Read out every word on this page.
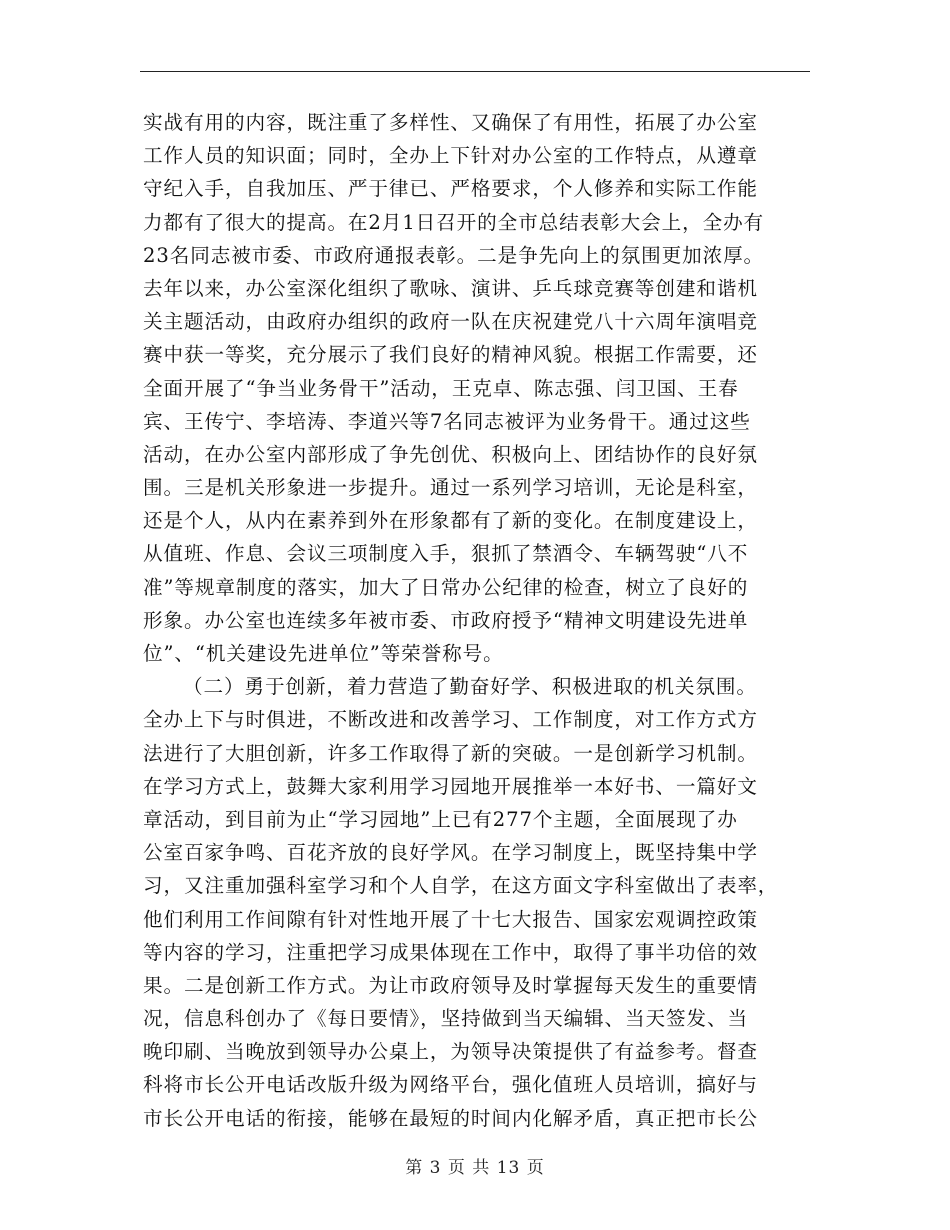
实战有用的内容，既注重了多样性、又确保了有用性，拓展了办公室
工作人员的知识面；同时，全办上下针对办公室的工作特点，从遵章
守纪入手，自我加压、严于律已、严格要求，个人修养和实际工作能
力都有了很大的提高。在2月1日召开的全市总结表彰大会上，全办有
23名同志被市委、市政府通报表彰。二是争先向上的氛围更加浓厚。
去年以来，办公室深化组织了歌咏、演讲、乒乓球竞赛等创建和谐机
关主题活动，由政府办组织的政府一队在庆祝建党八十六周年演唱竞
赛中获一等奖，充分展示了我们良好的精神风貌。根据工作需要，还
全面开展了“争当业务骨干”活动，王克卓、陈志强、闫卫国、王春
宾、王传宁、李培涛、李道兴等7名同志被评为业务骨干。通过这些
活动，在办公室内部形成了争先创优、积极向上、团结协作的良好氛
围。三是机关形象进一步提升。通过一系列学习培训，无论是科室，
还是个人，从内在素养到外在形象都有了新的变化。在制度建设上，
从值班、作息、会议三项制度入手，狠抓了禁酒令、车辆驾驶“八不
准”等规章制度的落实，加大了日常办公纪律的检查，树立了良好的
形象。办公室也连续多年被市委、市政府授予“精神文明建设先进单
位”、“机关建设先进单位”等荣誉称号。
（二）勇于创新，着力营造了勤奋好学、积极进取的机关氛围。
全办上下与时俱进，不断改进和改善学习、工作制度，对工作方式方
法进行了大胆创新，许多工作取得了新的突破。一是创新学习机制。
在学习方式上，鼓舞大家利用学习园地开展推举一本好书、一篇好文
章活动，到目前为止“学习园地”上已有277个主题，全面展现了办
公室百家争鸣、百花齐放的良好学风。在学习制度上，既坚持集中学
习，又注重加强科室学习和个人自学，在这方面文字科室做出了表率，
他们利用工作间隙有针对性地开展了十七大报告、国家宏观调控政策
等内容的学习，注重把学习成果体现在工作中，取得了事半功倍的效
果。二是创新工作方式。为让市政府领导及时掌握每天发生的重要情
况，信息科创办了《每日要情》，坚持做到当天编辑、当天签发、当
晚印刷、当晚放到领导办公桌上，为领导决策提供了有益参考。督查
科将市长公开电话改版升级为网络平台，强化值班人员培训，搞好与
市长公开电话的衔接，能够在最短的时间内化解矛盾，真正把市长公
第 3 页 共 13 页
